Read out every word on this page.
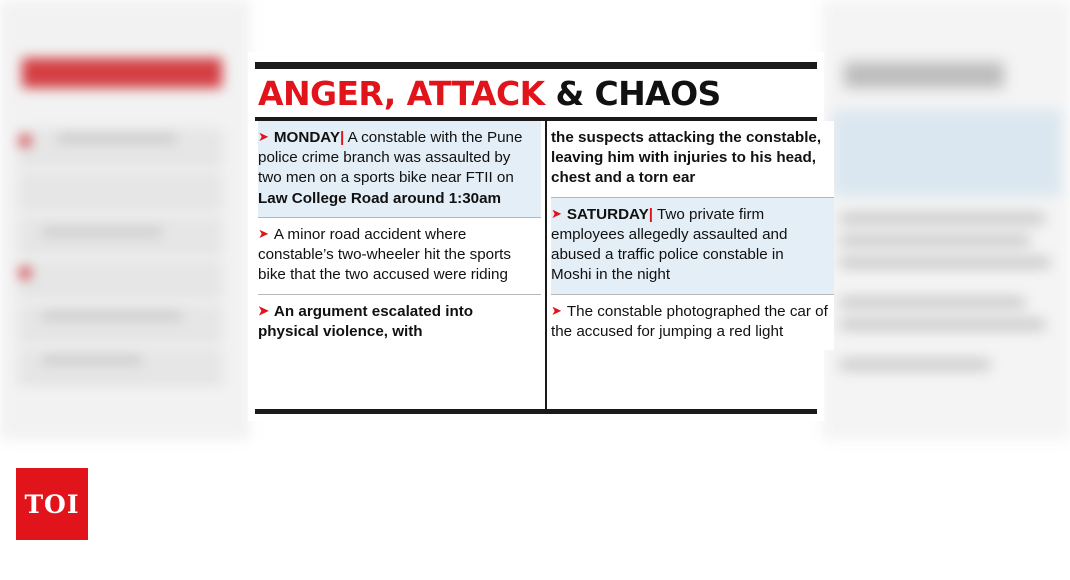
ANGER, ATTACK & CHAOS
➤ MONDAY| A constable with the Pune police crime branch was assaulted by two men on a sports bike near FTII on Law College Road around 1:30am
➤ A minor road accident where constable’s two-wheeler hit the sports bike that the two accused were riding
➤ An argument escalated into physical violence, with
the suspects attacking the constable, leaving him with injuries to his head, chest and a torn ear
➤ SATURDAY| Two private firm employees allegedly assaulted and abused a traffic police constable in Moshi in the night
➤ The constable photographed the car of the accused for jumping a red light
TOI
